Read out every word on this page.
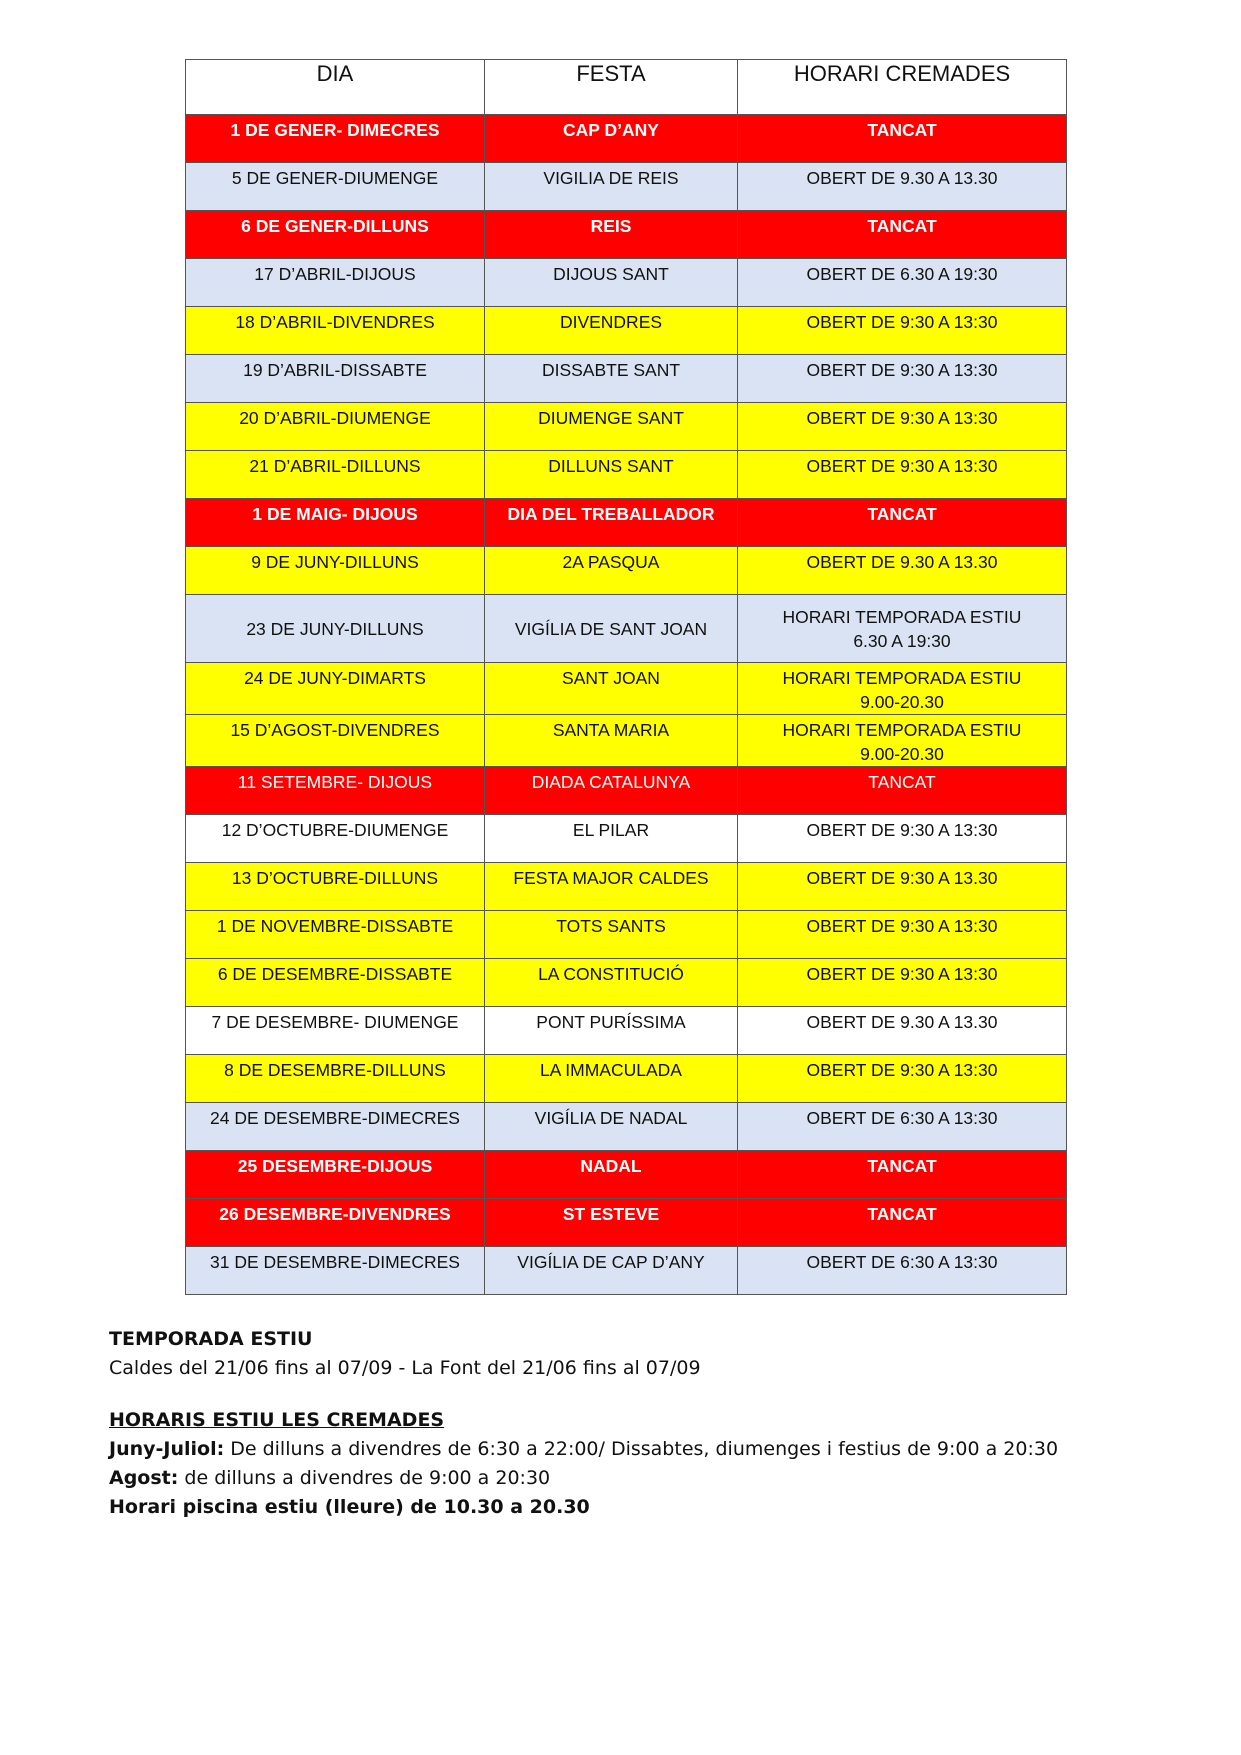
DIA	FESTA	HORARI CREMADES
1 DE GENER- DIMECRES	CAP D’ANY	TANCAT
5 DE GENER-DIUMENGE	VIGILIA DE REIS	OBERT DE 9.30 A 13.30
6 DE GENER-DILLUNS	REIS	TANCAT
17 D’ABRIL-DIJOUS	DIJOUS SANT	OBERT DE 6.30 A 19:30
18 D’ABRIL-DIVENDRES	DIVENDRES	OBERT DE 9:30 A 13:30
19 D’ABRIL-DISSABTE	DISSABTE SANT	OBERT DE 9:30 A 13:30
20 D’ABRIL-DIUMENGE	DIUMENGE SANT	OBERT DE 9:30 A 13:30
21 D’ABRIL-DILLUNS	DILLUNS SANT	OBERT DE 9:30 A 13:30
1 DE MAIG- DIJOUS	DIA DEL TREBALLADOR	TANCAT
9 DE JUNY-DILLUNS	2A PASQUA	OBERT DE 9.30 A 13.30
23 DE JUNY-DILLUNS	VIGÍLIA DE SANT JOAN	HORARI TEMPORADA ESTIU
6.30 A 19:30
24 DE JUNY-DIMARTS	SANT JOAN	HORARI TEMPORADA ESTIU
9.00-20.30
15 D’AGOST-DIVENDRES	SANTA MARIA	HORARI TEMPORADA ESTIU
9.00-20.30
11 SETEMBRE- DIJOUS	DIADA CATALUNYA	TANCAT
12 D’OCTUBRE-DIUMENGE	EL PILAR	OBERT DE 9:30 A 13:30
13 D’OCTUBRE-DILLUNS	FESTA MAJOR CALDES	OBERT DE 9:30 A 13.30
1 DE NOVEMBRE-DISSABTE	TOTS SANTS	OBERT DE 9:30 A 13:30
6 DE DESEMBRE-DISSABTE	LA CONSTITUCIÓ	OBERT DE 9:30 A 13:30
7 DE DESEMBRE- DIUMENGE	PONT PURÍSSIMA	OBERT DE 9.30 A 13.30
8 DE DESEMBRE-DILLUNS	LA IMMACULADA	OBERT DE 9:30 A 13:30
24 DE DESEMBRE-DIMECRES	VIGÍLIA DE NADAL	OBERT DE 6:30 A 13:30
25 DESEMBRE-DIJOUS	NADAL	TANCAT
26 DESEMBRE-DIVENDRES	ST ESTEVE	TANCAT
31 DE DESEMBRE-DIMECRES	VIGÍLIA DE CAP D’ANY	OBERT DE 6:30 A 13:30
TEMPORADA ESTIU
Caldes del 21/06 fins al 07/09 - La Font del 21/06 fins al 07/09
HORARIS ESTIU LES CREMADES
Juny-Juliol: De dilluns a divendres de 6:30 a 22:00/ Dissabtes, diumenges i festius de 9:00 a 20:30
Agost: de dilluns a divendres de 9:00 a 20:30
Horari piscina estiu (lleure) de 10.30 a 20.30
